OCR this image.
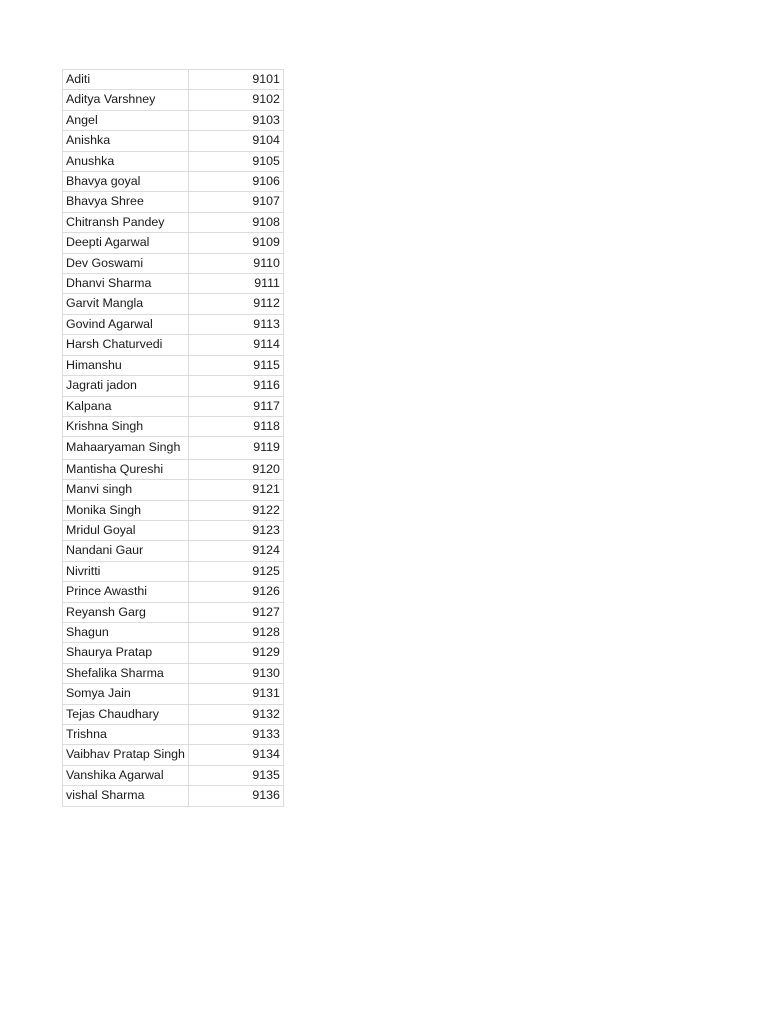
Aditi	9101
Aditya Varshney	9102
Angel	9103
Anishka	9104
Anushka	9105
Bhavya goyal	9106
Bhavya Shree	9107
Chitransh Pandey	9108
Deepti Agarwal	9109
Dev Goswami	9110
Dhanvi Sharma	9111
Garvit Mangla	9112
Govind Agarwal	9113
Harsh Chaturvedi	9114
Himanshu	9115
Jagrati jadon	9116
Kalpana	9117
Krishna Singh	9118
Mahaaryaman Singh	9119
Mantisha Qureshi	9120
Manvi singh	9121
Monika Singh	9122
Mridul Goyal	9123
Nandani Gaur	9124
Nivritti	9125
Prince Awasthi	9126
Reyansh Garg	9127
Shagun	9128
Shaurya Pratap	9129
Shefalika Sharma	9130
Somya Jain	9131
Tejas Chaudhary	9132
Trishna	9133
Vaibhav Pratap Singh	9134
Vanshika Agarwal	9135
vishal Sharma	9136
